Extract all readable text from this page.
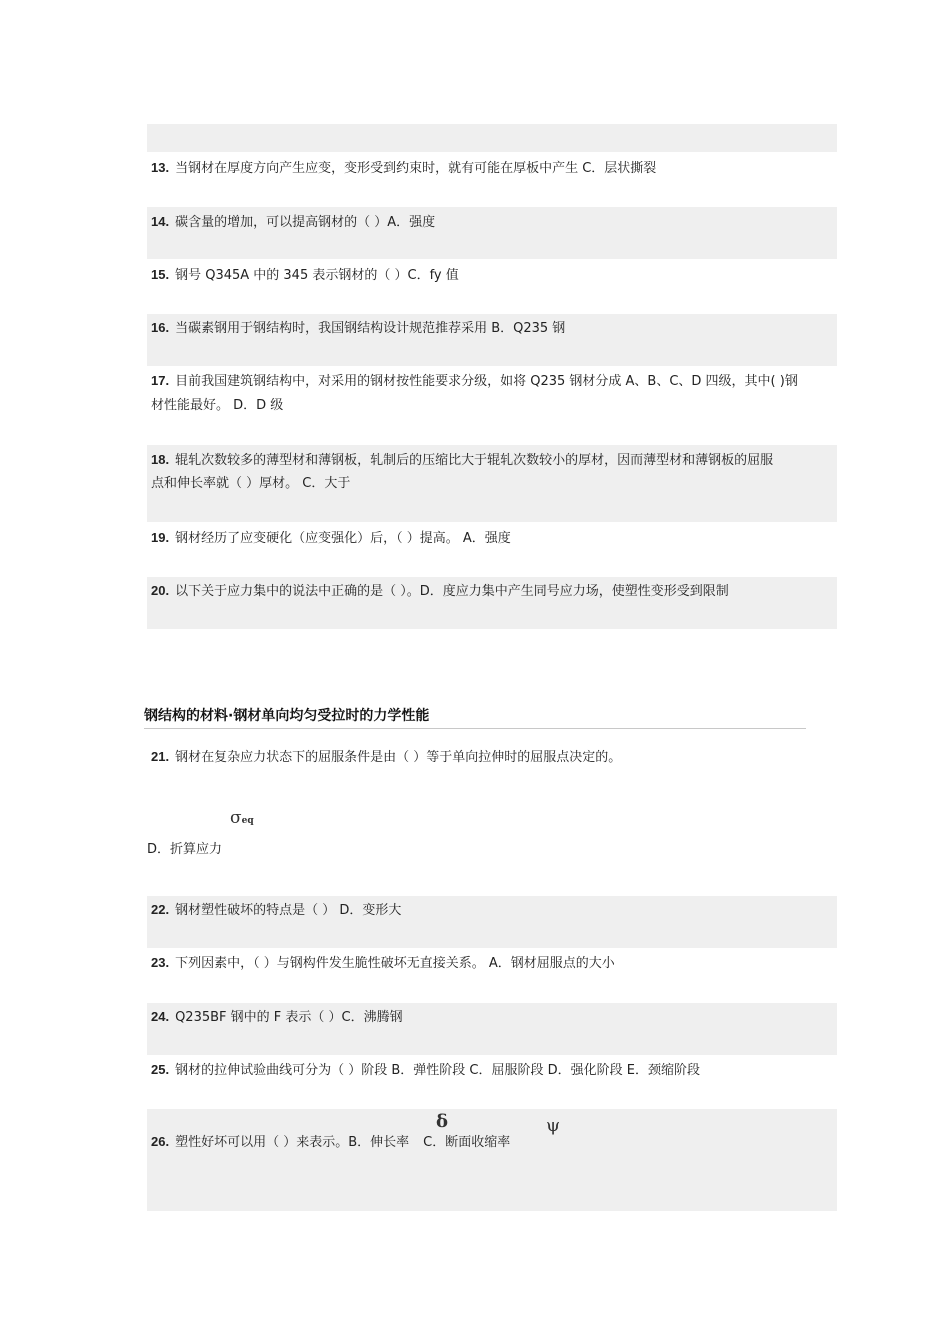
13. 当钢材在厚度方向产生应变，变形受到约束时，就有可能在厚板中产生 C．层状撕裂
14. 碳含量的增加，可以提高钢材的（ ）A．强度
15. 钢号 Q345A 中的 345 表示钢材的（ ）C．fy 值
16. 当碳素钢用于钢结构时，我国钢结构设计规范推荐采用 B．Q235 钢
17. 目前我国建筑钢结构中，对采用的钢材按性能要求分级，如将 Q235 钢材分成 A、B、C、D 四级，其中( )钢
材性能最好。 D．D 级
18. 辊轧次数较多的薄型材和薄钢板，轧制后的压缩比大于辊轧次数较小的厚材，因而薄型材和薄钢板的屈服
点和伸长率就（ ）厚材。 C．大于
19. 钢材经历了应变硬化（应变强化）后，（ ）提高。 A．强度
20. 以下关于应力集中的说法中正确的是（ ）。D．度应力集中产生同号应力场，使塑性变形受到限制
钢结构的材料·钢材单向均匀受拉时的力学性能
21. 钢材在复杂应力状态下的屈服条件是由（ ）等于单向拉伸时的屈服点决定的。
σeq
D．折算应力
22. 钢材塑性破坏的特点是（ ） D．变形大
23. 下列因素中，（ ）与钢构件发生脆性破坏无直接关系。 A．钢材屈服点的大小
24. Q235BF 钢中的 F 表示（ ）C．沸腾钢
25. 钢材的拉伸试验曲线可分为（ ）阶段 B．弹性阶段 C．屈服阶段 D．强化阶段 E．颈缩阶段
δ	ψ
26. 塑性好坏可以用（ ）来表示。B．伸长率 C．断面收缩率
